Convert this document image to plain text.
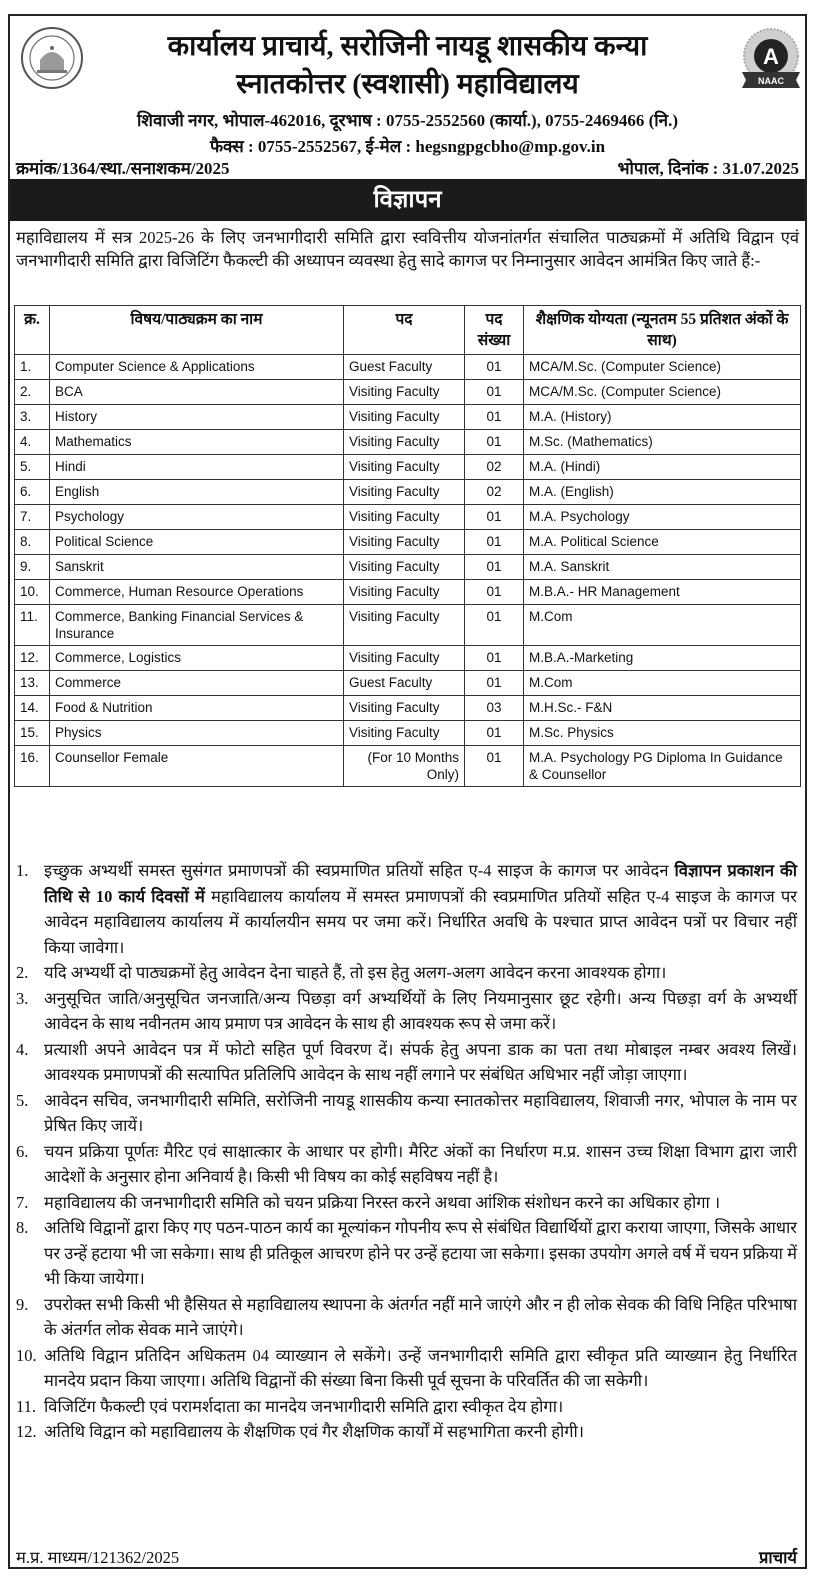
A
NAAC
कार्यालय प्राचार्य, सरोजिनी नायडू शासकीय कन्या
स्नातकोत्तर (स्वशासी) महाविद्यालय
शिवाजी नगर, भोपाल-462016, दूरभाष : 0755-2552560 (कार्या.), 0755-2469466 (नि.)
फैक्स : 0755-2552567, ई-मेल : hegsngpgcbho@mp.gov.in
क्रमांक/1364/स्था./सनाशकम/2025	भोपाल, दिनांक : 31.07.2025
विज्ञापन
महाविद्यालय में सत्र 2025-26 के लिए जनभागीदारी समिति द्वारा स्ववित्तीय योजनांतर्गत संचालित पाठ्यक्रमों में अतिथि विद्वान एवं जनभागीदारी समिति द्वारा विजिटिंग फैकल्टी की अध्यापन व्यवस्था हेतु सादे कागज पर निम्नानुसार आवेदन आमंत्रित किए जाते हैं:-
क्र.	विषय/पाठ्यक्रम का नाम	पद	पद संख्या	शैक्षणिक योग्यता (न्यूनतम 55 प्रतिशत अंकों के साथ)
1.	Computer Science & Applications	Guest Faculty	01	MCA/M.Sc. (Computer Science)
2.	BCA	Visiting Faculty	01	MCA/M.Sc. (Computer Science)
3.	History	Visiting Faculty	01	M.A. (History)
4.	Mathematics	Visiting Faculty	01	M.Sc. (Mathematics)
5.	Hindi	Visiting Faculty	02	M.A. (Hindi)
6.	English	Visiting Faculty	02	M.A. (English)
7.	Psychology	Visiting Faculty	01	M.A. Psychology
8.	Political Science	Visiting Faculty	01	M.A. Political Science
9.	Sanskrit	Visiting Faculty	01	M.A. Sanskrit
10.	Commerce, Human Resource Operations	Visiting Faculty	01	M.B.A.- HR Management
11.	Commerce, Banking Financial Services & Insurance	Visiting Faculty	01	M.Com
12.	Commerce, Logistics	Visiting Faculty	01	M.B.A.-Marketing
13.	Commerce	Guest Faculty	01	M.Com
14.	Food & Nutrition	Visiting Faculty	03	M.H.Sc.- F&N
15.	Physics	Visiting Faculty	01	M.Sc. Physics
16.	Counsellor Female	(For 10 Months Only)	01	M.A. Psychology PG Diploma In Guidance & Counsellor
1. इच्छुक अभ्यर्थी समस्त सुसंगत प्रमाणपत्रों की स्वप्रमाणित प्रतियों सहित ए-4 साइज के कागज पर आवेदन विज्ञापन प्रकाशन की तिथि से 10 कार्य दिवसों में महाविद्यालय कार्यालय में समस्त प्रमाणपत्रों की स्वप्रमाणित प्रतियों सहित ए-4 साइज के कागज पर आवेदन महाविद्यालय कार्यालय में कार्यालयीन समय पर जमा करें। निर्धारित अवधि के पश्चात प्राप्त आवेदन पत्रों पर विचार नहीं किया जावेगा।
2. यदि अभ्यर्थी दो पाठ्यक्रमों हेतु आवेदन देना चाहते हैं, तो इस हेतु अलग-अलग आवेदन करना आवश्यक होगा।
3. अनुसूचित जाति/अनुसूचित जनजाति/अन्य पिछड़ा वर्ग अभ्यर्थियों के लिए नियमानुसार छूट रहेगी। अन्य पिछड़ा वर्ग के अभ्यर्थी आवेदन के साथ नवीनतम आय प्रमाण पत्र आवेदन के साथ ही आवश्यक रूप से जमा करें।
4. प्रत्याशी अपने आवेदन पत्र में फोटो सहित पूर्ण विवरण दें। संपर्क हेतु अपना डाक का पता तथा मोबाइल नम्बर अवश्य लिखें। आवश्यक प्रमाणपत्रों की सत्यापित प्रतिलिपि आवेदन के साथ नहीं लगाने पर संबंधित अधिभार नहीं जोड़ा जाएगा।
5. आवेदन सचिव, जनभागीदारी समिति, सरोजिनी नायडू शासकीय कन्या स्नातकोत्तर महाविद्यालय, शिवाजी नगर, भोपाल के नाम पर प्रेषित किए जायें।
6. चयन प्रक्रिया पूर्णतः मैरिट एवं साक्षात्कार के आधार पर होगी। मैरिट अंकों का निर्धारण म.प्र. शासन उच्च शिक्षा विभाग द्वारा जारी आदेशों के अनुसार होना अनिवार्य है। किसी भी विषय का कोई सहविषय नहीं है।
7. महाविद्यालय की जनभागीदारी समिति को चयन प्रक्रिया निरस्त करने अथवा आंशिक संशोधन करने का अधिकार होगा ।
8. अतिथि विद्वानों द्वारा किए गए पठन-पाठन कार्य का मूल्यांकन गोपनीय रूप से संबंधित विद्यार्थियों द्वारा कराया जाएगा, जिसके आधार पर उन्हें हटाया भी जा सकेगा। साथ ही प्रतिकूल आचरण होने पर उन्हें हटाया जा सकेगा। इसका उपयोग अगले वर्ष में चयन प्रक्रिया में भी किया जायेगा।
9. उपरोक्त सभी किसी भी हैसियत से महाविद्यालय स्थापना के अंतर्गत नहीं माने जाएंगे और न ही लोक सेवक की विधि निहित परिभाषा के अंतर्गत लोक सेवक माने जाएंगे।
10. अतिथि विद्वान प्रतिदिन अधिकतम 04 व्याख्यान ले सकेंगे। उन्हें जनभागीदारी समिति द्वारा स्वीकृत प्रति व्याख्यान हेतु निर्धारित मानदेय प्रदान किया जाएगा। अतिथि विद्वानों की संख्या बिना किसी पूर्व सूचना के परिवर्तित की जा सकेगी।
11. विजिटिंग फैकल्टी एवं परामर्शदाता का मानदेय जनभागीदारी समिति द्वारा स्वीकृत देय होगा।
12. अतिथि विद्वान को महाविद्यालय के शैक्षणिक एवं गैर शैक्षणिक कार्यों में सहभागिता करनी होगी।
म.प्र. माध्यम/121362/2025	प्राचार्य
